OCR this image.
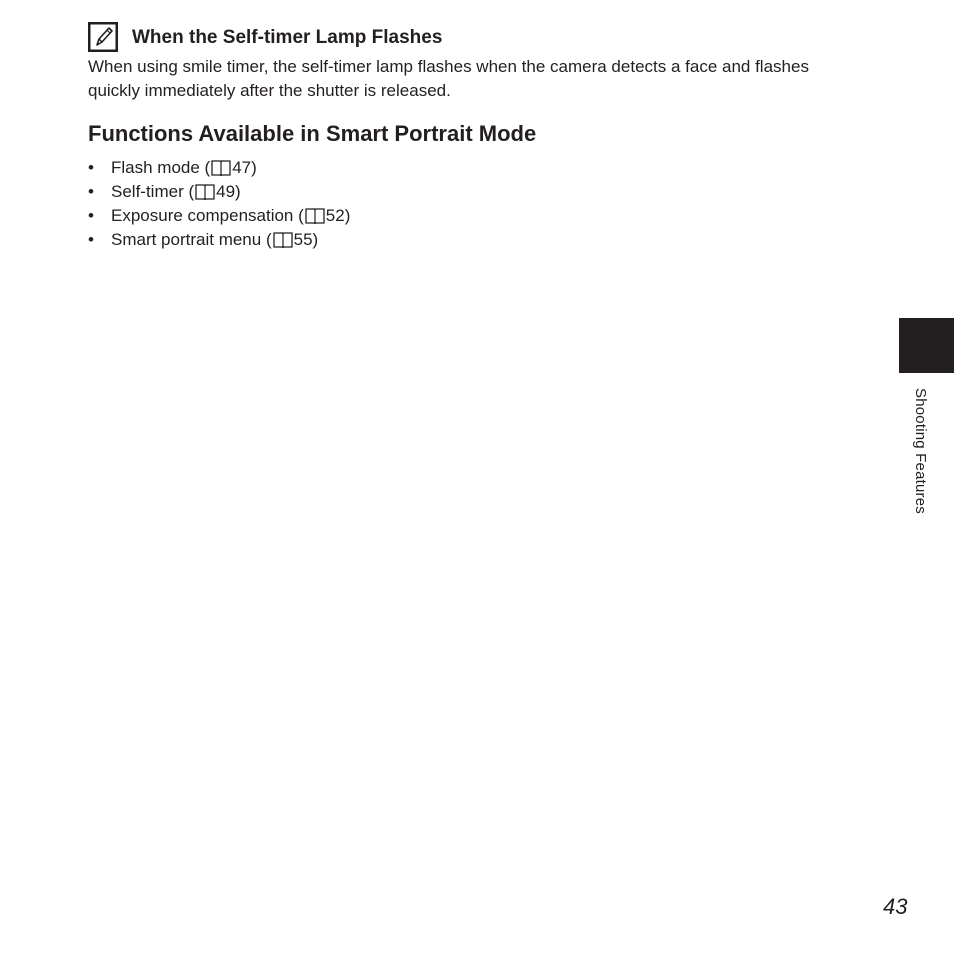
When the Self-timer Lamp Flashes
When using smile timer, the self-timer lamp flashes when the camera detects a face and flashes quickly immediately after the shutter is released.
Functions Available in Smart Portrait Mode
•	Flash mode ( 47 )
•	Self-timer ( 49 )
•	Exposure compensation ( 52 )
•	Smart portrait menu ( 55 )
Shooting Features
43
